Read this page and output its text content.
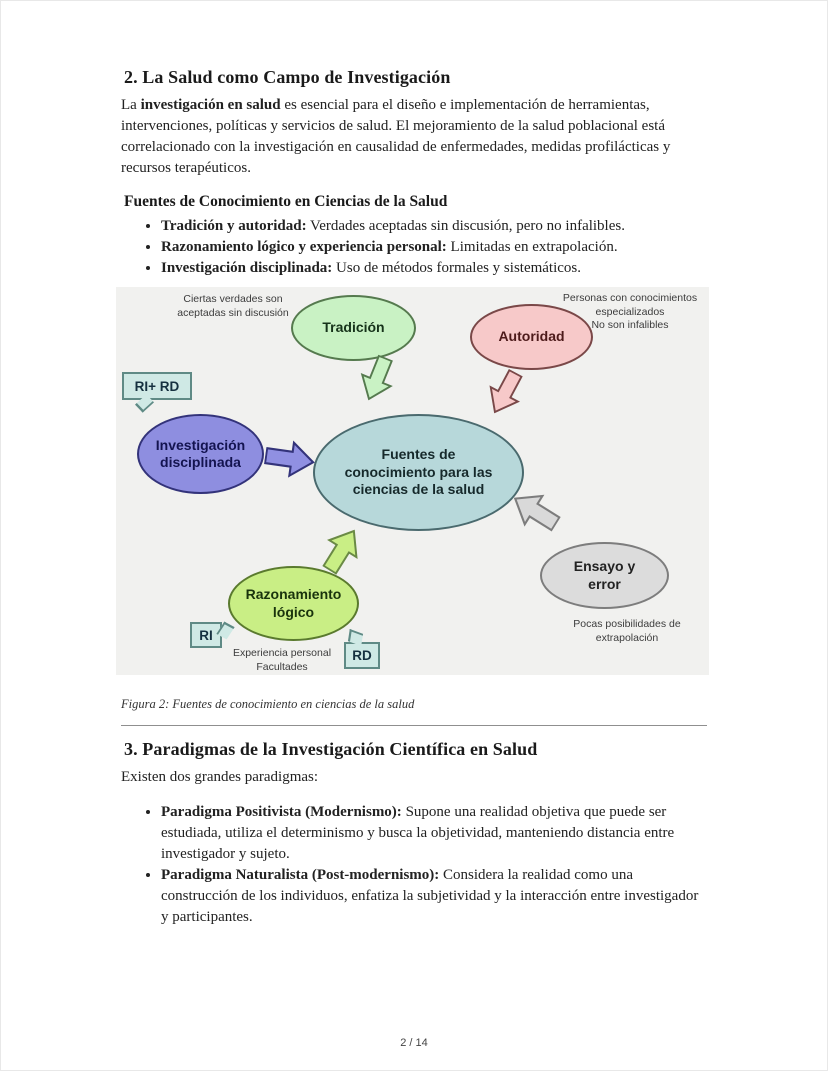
2. La Salud como Campo de Investigación

La investigación en salud es esencial para el diseño e implementación de herramientas, intervenciones, políticas y servicios de salud. El mejoramiento de la salud poblacional está correlacionado con la investigación en causalidad de enfermedades, medidas profilácticas y recursos terapéuticos.

Fuentes de Conocimiento en Ciencias de la Salud
• Tradición y autoridad: Verdades aceptadas sin discusión, pero no infalibles.
• Razonamiento lógico y experiencia personal: Limitadas en extrapolación.
• Investigación disciplinada: Uso de métodos formales y sistemáticos.
Ciertas verdades son aceptadas sin discusión
Personas con conocimientos especializados
No son infalibles
Experiencia personal Facultades
Pocas posibilidades de extrapolación
Tradición
Autoridad
Investigación disciplinada	Fuentes de conocimiento para las ciencias de la salud
Razonamiento lógico
Ensayo y error
RI+ RD
RI
RD
Figura 2: Fuentes de conocimiento en ciencias de la salud
3. Paradigmas de la Investigación Científica en Salud

Existen dos grandes paradigmas:

• Paradigma Positivista (Modernismo): Supone una realidad objetiva que puede ser estudiada, utiliza el determinismo y busca la objetividad, manteniendo distancia entre investigador y sujeto.
• Paradigma Naturalista (Post-modernismo): Considera la realidad como una construcción de los individuos, enfatiza la subjetividad y la interacción entre investigador y participantes.
2 / 14
